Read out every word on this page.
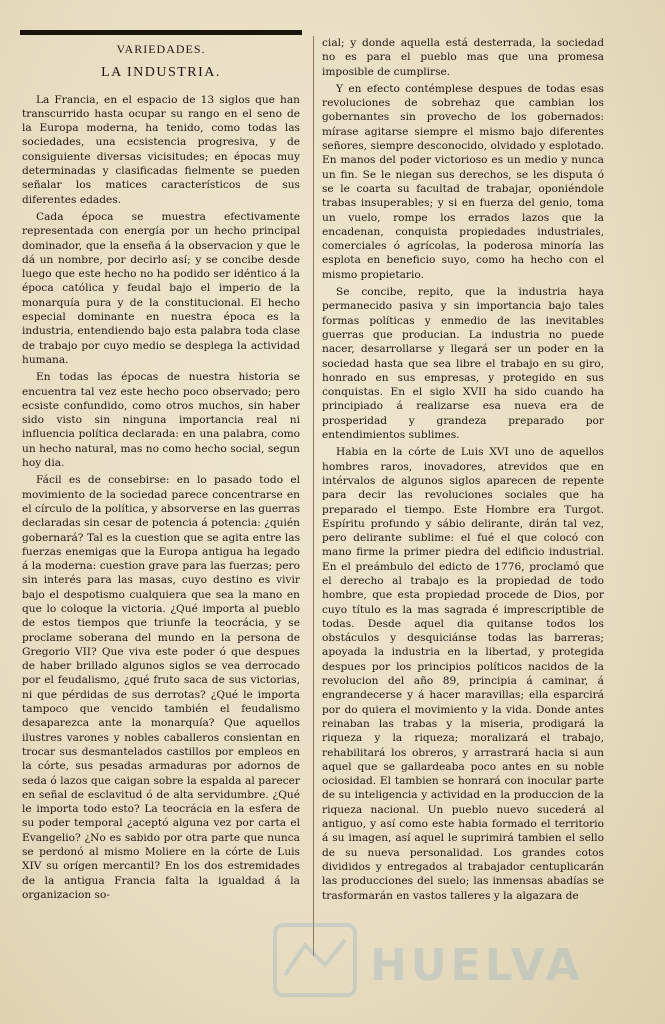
VARIEDADES.
LA INDUSTRIA.

La Francia, en el espacio de 13 siglos que han transcurrido hasta ocupar su rango en el seno de la Europa moderna, ha tenido, como todas las sociedades, una ecsistencia progresiva, y de consiguiente diversas vicisitudes; en épocas muy determinadas y clasificadas fielmente se pueden señalar los matices característicos de sus diferentes edades.

Cada época se muestra efectivamente representada con energía por un hecho principal dominador, que la enseña á la observacion y que le dá un nombre, por decirlo así; y se concibe desde luego que este hecho no ha podido ser idéntico á la época católica y feudal bajo el imperio de la monarquía pura y de la constitucional. El hecho especial dominante en nuestra época es la industria, entendiendo bajo esta palabra toda clase de trabajo por cuyo medio se desplega la actividad humana.

En todas las épocas de nuestra historia se encuentra tal vez este hecho poco observado; pero ecsiste confundido, como otros muchos, sin haber sido visto sin ninguna importancia real ni influencia política declarada: en una palabra, como un hecho natural, mas no como hecho social, segun hoy dia.

Fácil es de consebirse: en lo pasado todo el movimiento de la sociedad parece concentrarse en el círculo de la política, y absorverse en las guerras declaradas sin cesar de potencia á potencia: ¿quién gobernará? Tal es la cuestion que se agita entre las fuerzas enemigas que la Europa antigua ha legado á la moderna: cuestion grave para las fuerzas; pero sin interés para las masas, cuyo destino es vivir bajo el despotismo cualquiera que sea la mano en que lo coloque la victoria. ¿Qué importa al pueblo de estos tiempos que triunfe la teocrácia, y se proclame soberana del mundo en la persona de Gregorio VII? Que viva este poder ó que despues de haber brillado algunos siglos se vea derrocado por el feudalismo, ¿qué fruto saca de sus victorias, ni que pérdidas de sus derrotas? ¿Qué le importa tampoco que vencido también el feudalismo desaparezca ante la monarquía? Que aquellos ilustres varones y nobles caballeros consientan en trocar sus desmantelados castillos por empleos en la córte, sus pesadas armaduras por adornos de seda ó lazos que caigan sobre la espalda al parecer en señal de esclavitud ó de alta servidumbre. ¿Qué le importa todo esto? La teocrácia en la esfera de su poder temporal ¿aceptó alguna vez por carta el Evangelio? ¿No es sabido por otra parte que nunca se perdonó al mismo Moliere en la córte de Luis XIV su orígen mercantil? En los dos estremidades de la antigua Francia falta la igualdad á la organizacion so-

cial; y donde aquella está desterrada, la sociedad no es para el pueblo mas que una promesa imposible de cumplirse.

Y en efecto contémplese despues de todas esas revoluciones de sobrehaz que cambian los gobernantes sin provecho de los gobernados: mírase agitarse siempre el mismo bajo diferentes señores, siempre desconocido, olvidado y esplotado. En manos del poder victorioso es un medio y nunca un fin. Se le niegan sus derechos, se les disputa ó se le coarta su facultad de trabajar, oponiéndole trabas insuperables; y si en fuerza del genio, toma un vuelo, rompe los errados lazos que la encadenan, conquista propiedades industriales, comerciales ó agrícolas, la poderosa minoría las esplota en beneficio suyo, como ha hecho con el mismo propietario.

Se concibe, repito, que la industria haya permanecido pasiva y sin importancia bajo tales formas políticas y enmedio de las inevitables guerras que producian. La industria no puede nacer, desarrollarse y llegará ser un poder en la sociedad hasta que sea libre el trabajo en su giro, honrado en sus empresas, y protegido en sus conquistas. En el siglo XVII ha sido cuando ha principiado á realizarse esa nueva era de prosperidad y grandeza preparado por entendimientos sublimes.

Habia en la córte de Luis XVI uno de aquellos hombres raros, inovadores, atrevidos que en intérvalos de algunos siglos aparecen de repente para decir las revoluciones sociales que ha preparado el tiempo. Este Hombre era Turgot. Espíritu profundo y sábio delirante, dirán tal vez, pero delirante sublime: el fué el que colocó con mano firme la primer piedra del edificio industrial. En el preámbulo del edicto de 1776, proclamó que el derecho al trabajo es la propiedad de todo hombre, que esta propiedad procede de Dios, por cuyo título es la mas sagrada é imprescriptible de todas. Desde aquel dia quitanse todos los obstáculos y desquiciánse todas las barreras; apoyada la industria en la libertad, y protegida despues por los principios políticos nacidos de la revolucion del año 89, principia á caminar, á engrandecerse y á hacer maravillas; ella esparcirá por do quiera el movimiento y la vida. Donde antes reinaban las trabas y la miseria, prodigará la riqueza y la riqueza; moralizará el trabajo, rehabilitará los obreros, y arrastrará hacia si aun aquel que se gallardeaba poco antes en su noble ociosidad. El tambien se honrará con inocular parte de su inteligencia y actividad en la produccion de la riqueza nacional. Un pueblo nuevo sucederá al antiguo, y así como este habia formado el territorio á su imagen, así aquel le suprimirá tambien el sello de su nueva personalidad. Los grandes cotos divididos y entregados al trabajador centuplicarán las producciones del suelo; las inmensas abadías se trasformarán en vastos talleres y la algazara de

HUELVA
